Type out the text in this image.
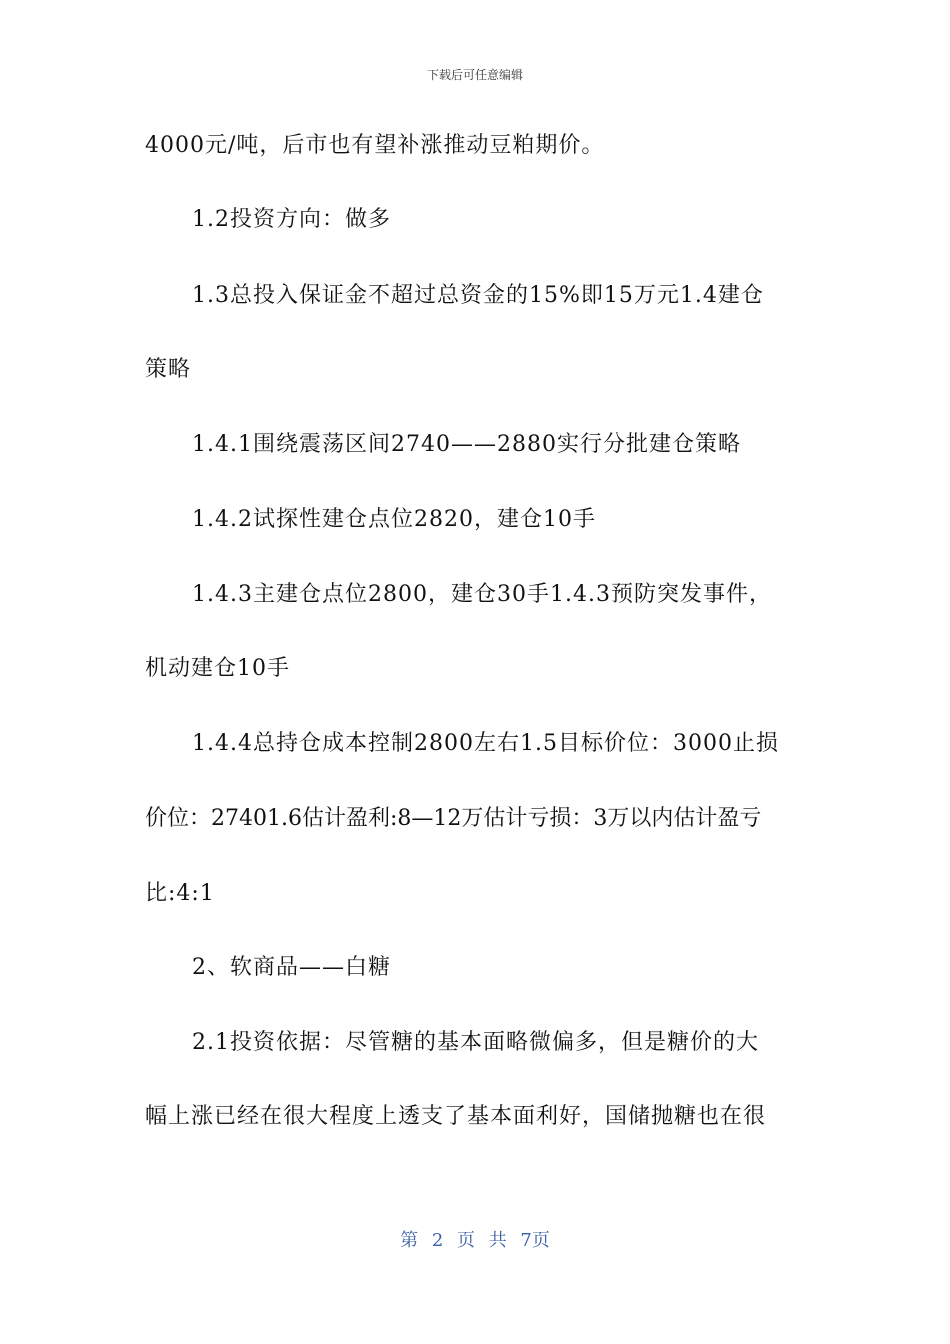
下载后可任意编辑
4000元/吨，后市也有望补涨推动豆粕期价。
1.2投资方向：做多
1.3总投入保证金不超过总资金的15%即15万元1.4建仓
策略
1.4.1围绕震荡区间2740——2880实行分批建仓策略
1.4.2试探性建仓点位2820，建仓10手
1.4.3主建仓点位2800，建仓30手1.4.3预防突发事件，
机动建仓10手
1.4.4总持仓成本控制2800左右1.5目标价位：3000止损
价位：27401.6估计盈利:8—12万估计亏损：3万以内估计盈亏
比:4:1
2、软商品——白糖
2.1投资依据：尽管糖的基本面略微偏多，但是糖价的大
幅上涨已经在很大程度上透支了基本面利好，国储抛糖也在很
第 2 页 共 7页
